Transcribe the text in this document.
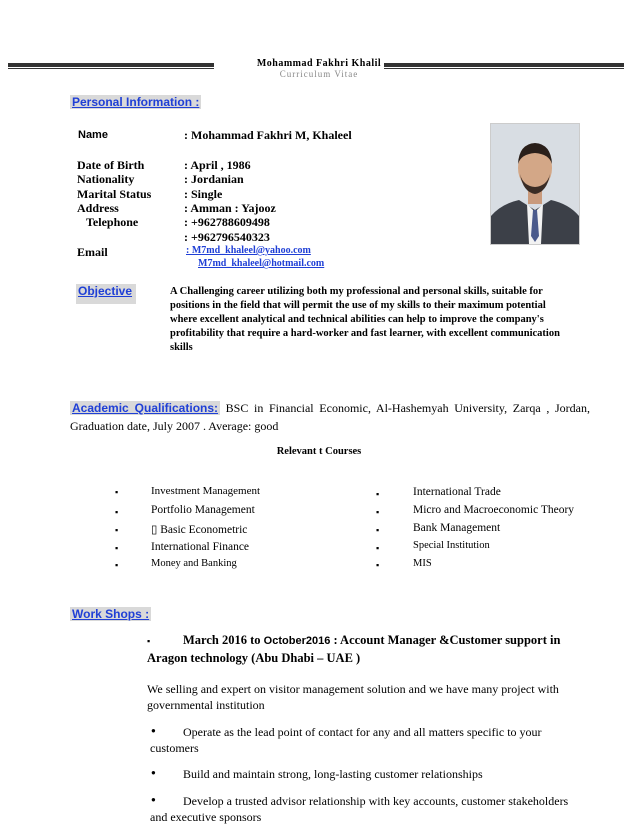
Mohammad Fakhri Khalil
Curriculum Vitae
Personal Information :
Name	: Mohammad Fakhri M, Khaleel
Date of Birth	: April , 1986
Nationality	: Jordanian
Marital Status	: Single
Address	: Amman : Yajooz
Telephone	: +962788609498
: +962796540323
Email	: M7md_khaleel@yahoo.com
M7md_khaleel@hotmail.com
Objective	A Challenging career utilizing both my professional and personal skills, suitable for positions in the field that will permit the use of my skills to their maximum potential where excellent analytical and technical abilities can help to improve the company's profitability that require a hard-worker and fast learner, with excellent communication skills
Academic Qualifications: BSC in Financial Economic, Al-Hashemyah University, Zarqa , Jordan, Graduation date, July 2007 . Average: good
Relevant t Courses
▪	Investment Management
▪	Portfolio Management
▪	▯ Basic Econometric
▪	International Finance
▪	Money and Banking
▪	International Trade
▪	Micro and Macroeconomic Theory
▪	Bank Management
▪	Special Institution
▪	MIS
Work Shops :
▪	March 2016 to October2016 : Account Manager &Customer support in Aragon technology (Abu Dhabi – UAE )
We selling and expert on visitor management solution and we have many project with governmental institution
●	Operate as the lead point of contact for any and all matters specific to your customers
●	Build and maintain strong, long-lasting customer relationships
●	Develop a trusted advisor relationship with key accounts, customer stakeholders and executive sponsors
